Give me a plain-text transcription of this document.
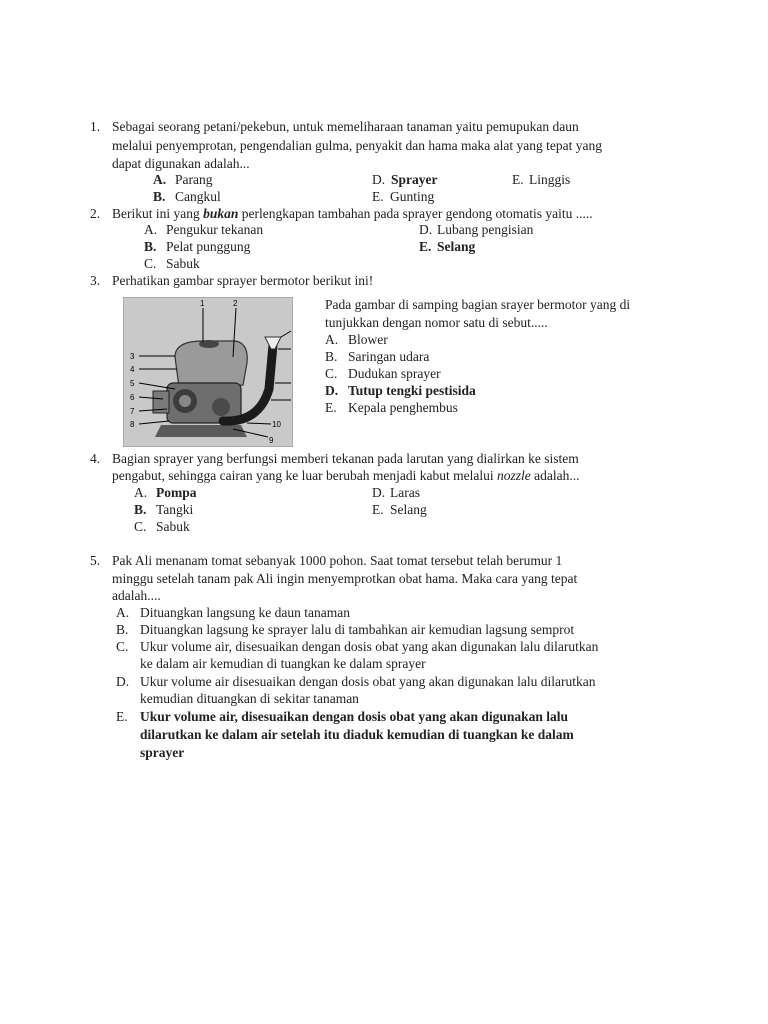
1. Sebagai seorang petani/pekebun, untuk memeliharaan tanaman yaitu pemupukan daun
melalui penyemprotan, pengendalian gulma, penyakit dan hama maka alat yang tepat yang
dapat digunakan adalah...
A. Parang
B. Cangkul
D. Sprayer
E. Gunting
E. Linggis
2. Berikut ini yang bukan perlengkapan tambahan pada sprayer gendong otomatis yaitu .....
A. Pengukur tekanan
B. Pelat punggung
C. Sabuk
D. Lubang pengisian
E. Selang
3. Perhatikan gambar sprayer bermotor berikut ini!
1	2
3
4
5
6
7
8
9
10
Pada gambar di samping bagian srayer bermotor yang di
tunjukkan dengan nomor satu di sebut.....
A. Blower
B. Saringan udara
C. Dudukan sprayer
D. Tutup tengki pestisida
E. Kepala penghembus
4. Bagian sprayer yang berfungsi memberi tekanan pada larutan yang dialirkan ke sistem
pengabut, sehingga cairan yang ke luar berubah menjadi kabut melalui nozzle adalah...
A. Pompa
B. Tangki
C. Sabuk
D. Laras
E. Selang
5. Pak Ali menanam tomat sebanyak 1000 pohon. Saat tomat tersebut telah berumur 1
minggu setelah tanam pak Ali ingin menyemprotkan obat hama. Maka cara yang tepat
adalah....
A. Dituangkan langsung ke daun tanaman
B. Dituangkan lagsung ke sprayer lalu di tambahkan air kemudian lagsung semprot
C. Ukur volume air, disesuaikan dengan dosis obat yang akan digunakan lalu dilarutkan
ke dalam air kemudian di tuangkan ke dalam sprayer
D. Ukur volume air disesuaikan dengan dosis obat yang akan digunakan lalu dilarutkan
kemudian dituangkan di sekitar tanaman
E. Ukur volume air, disesuaikan dengan dosis obat yang akan digunakan lalu
dilarutkan ke dalam air setelah itu diaduk kemudian di tuangkan ke dalam
sprayer
